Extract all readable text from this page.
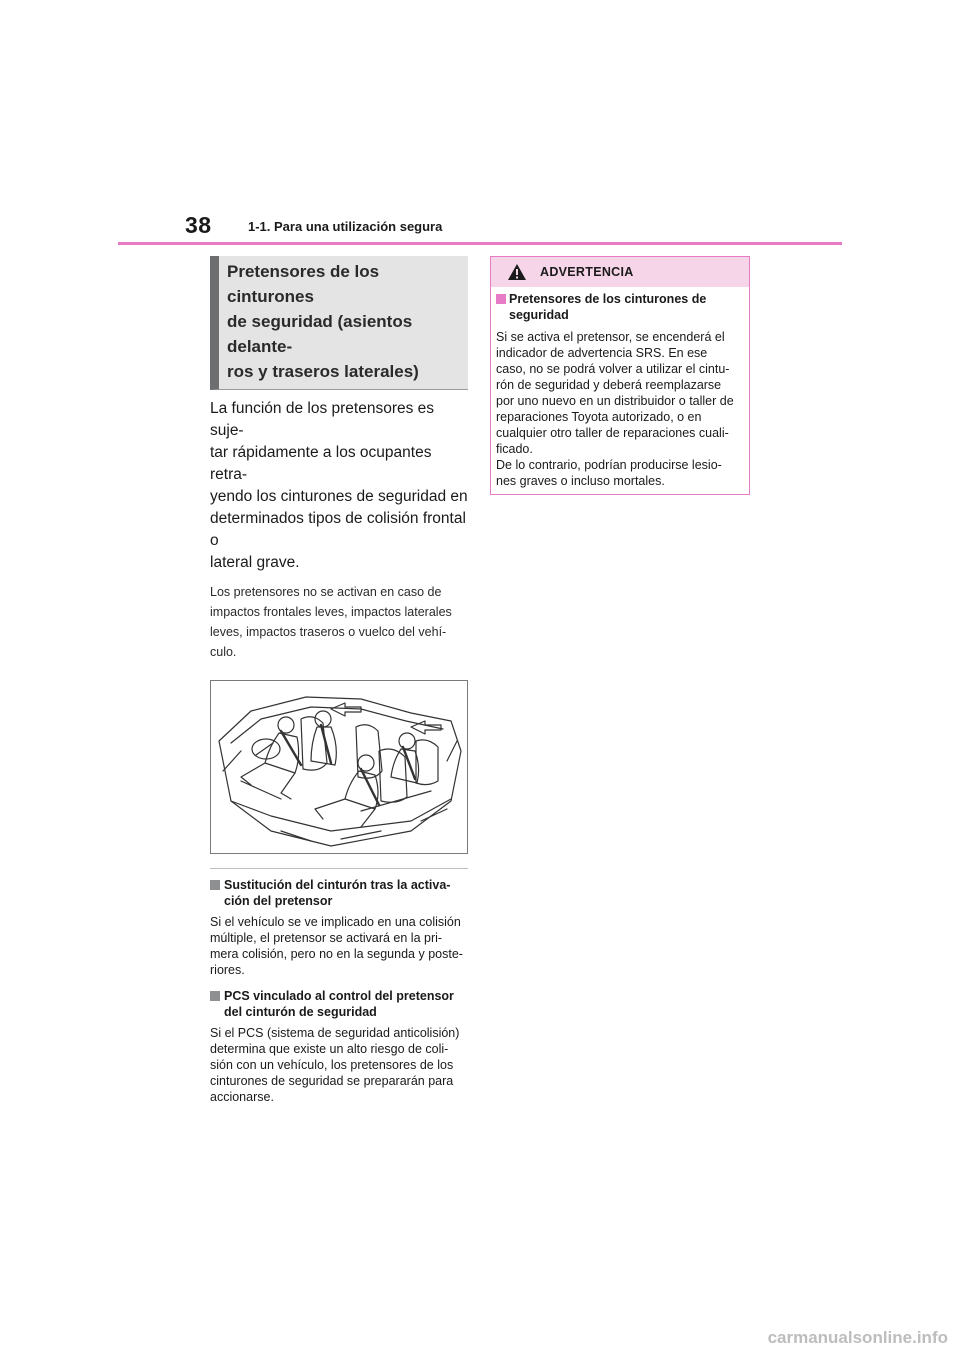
38	1-1. Para una utilización segura
Pretensores de los cinturones
de seguridad (asientos delante-
ros y traseros laterales)
La función de los pretensores es suje-
tar rápidamente a los ocupantes retra-
yendo los cinturones de seguridad en
determinados tipos de colisión frontal o
lateral grave.
Los pretensores no se activan en caso de
impactos frontales leves, impactos laterales
leves, impactos traseros o vuelco del vehí-
culo.
Sustitución del cinturón tras la activa-
ción del pretensor
Si el vehículo se ve implicado en una colisión
múltiple, el pretensor se activará en la pri-
mera colisión, pero no en la segunda y poste-
riores.
PCS vinculado al control del pretensor
del cinturón de seguridad
Si el PCS (sistema de seguridad anticolisión)
determina que existe un alto riesgo de coli-
sión con un vehículo, los pretensores de los
cinturones de seguridad se prepararán para
accionarse.
ADVERTENCIA
Pretensores de los cinturones de
seguridad
Si se activa el pretensor, se encenderá el
indicador de advertencia SRS. En ese
caso, no se podrá volver a utilizar el cintu-
rón de seguridad y deberá reemplazarse
por uno nuevo en un distribuidor o taller de
reparaciones Toyota autorizado, o en
cualquier otro taller de reparaciones cuali-
ficado.
De lo contrario, podrían producirse lesio-
nes graves o incluso mortales.
carmanualsonline.info
